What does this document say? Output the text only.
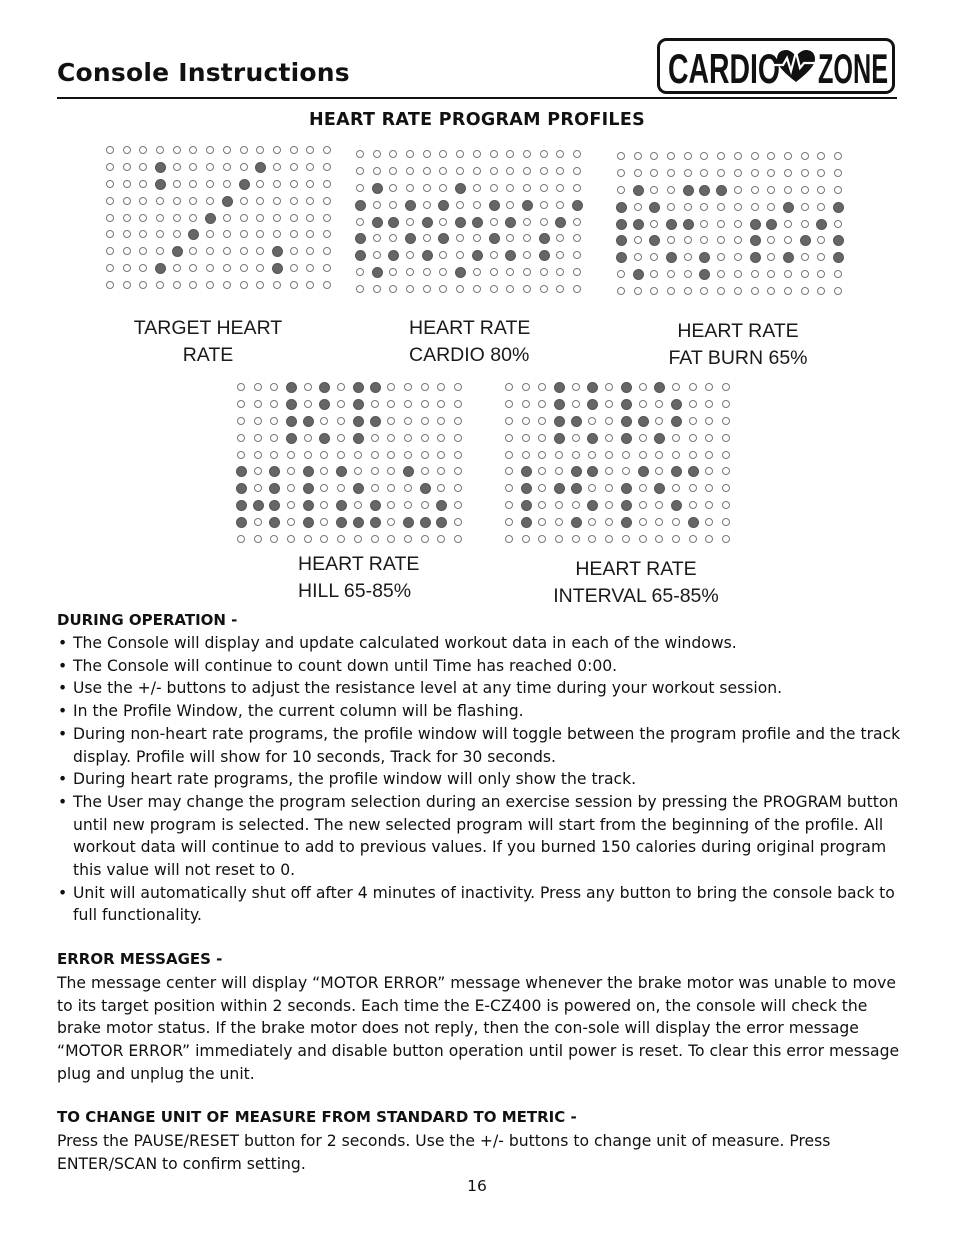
Console Instructions	CARDIO ZONE
HEART RATE PROGRAM PROFILES
TARGET HEART
RATE
HEART RATE
CARDIO 80%
HEART RATE
FAT BURN 65%
HEART RATE
HILL 65-85%
HEART RATE
INTERVAL 65-85%
DURING OPERATION -
• The Console will display and update calculated workout data in each of the windows.
• The Console will continue to count down until Time has reached 0:00.
• Use the +/- buttons to adjust the resistance level at any time during your workout session.
• In the Profile Window, the current column will be flashing.
• During non-heart rate programs, the profile window will toggle between the program profile and the track display. Profile will show for 10 seconds, Track for 30 seconds.
• During heart rate programs, the profile window will only show the track.
• The User may change the program selection during an exercise session by pressing the PROGRAM button until new program is selected. The new selected program will start from the beginning of the profile. All workout data will continue to add to previous values. If you burned 150 calories during original program this value will not reset to 0.
• Unit will automatically shut off after 4 minutes of inactivity. Press any button to bring the console back to full functionality.
ERROR MESSAGES -
The message center will display “MOTOR ERROR” message whenever the brake motor was unable to move to its target position within 2 seconds. Each time the E-CZ400 is powered on, the console will check the brake motor status. If the brake motor does not reply, then the con-sole will display the error message “MOTOR ERROR” immediately and disable button operation until power is reset. To clear this error message plug and unplug the unit.
TO CHANGE UNIT OF MEASURE FROM STANDARD TO METRIC -
Press the PAUSE/RESET button for 2 seconds. Use the +/- buttons to change unit of measure. Press ENTER/SCAN to confirm setting.
16
